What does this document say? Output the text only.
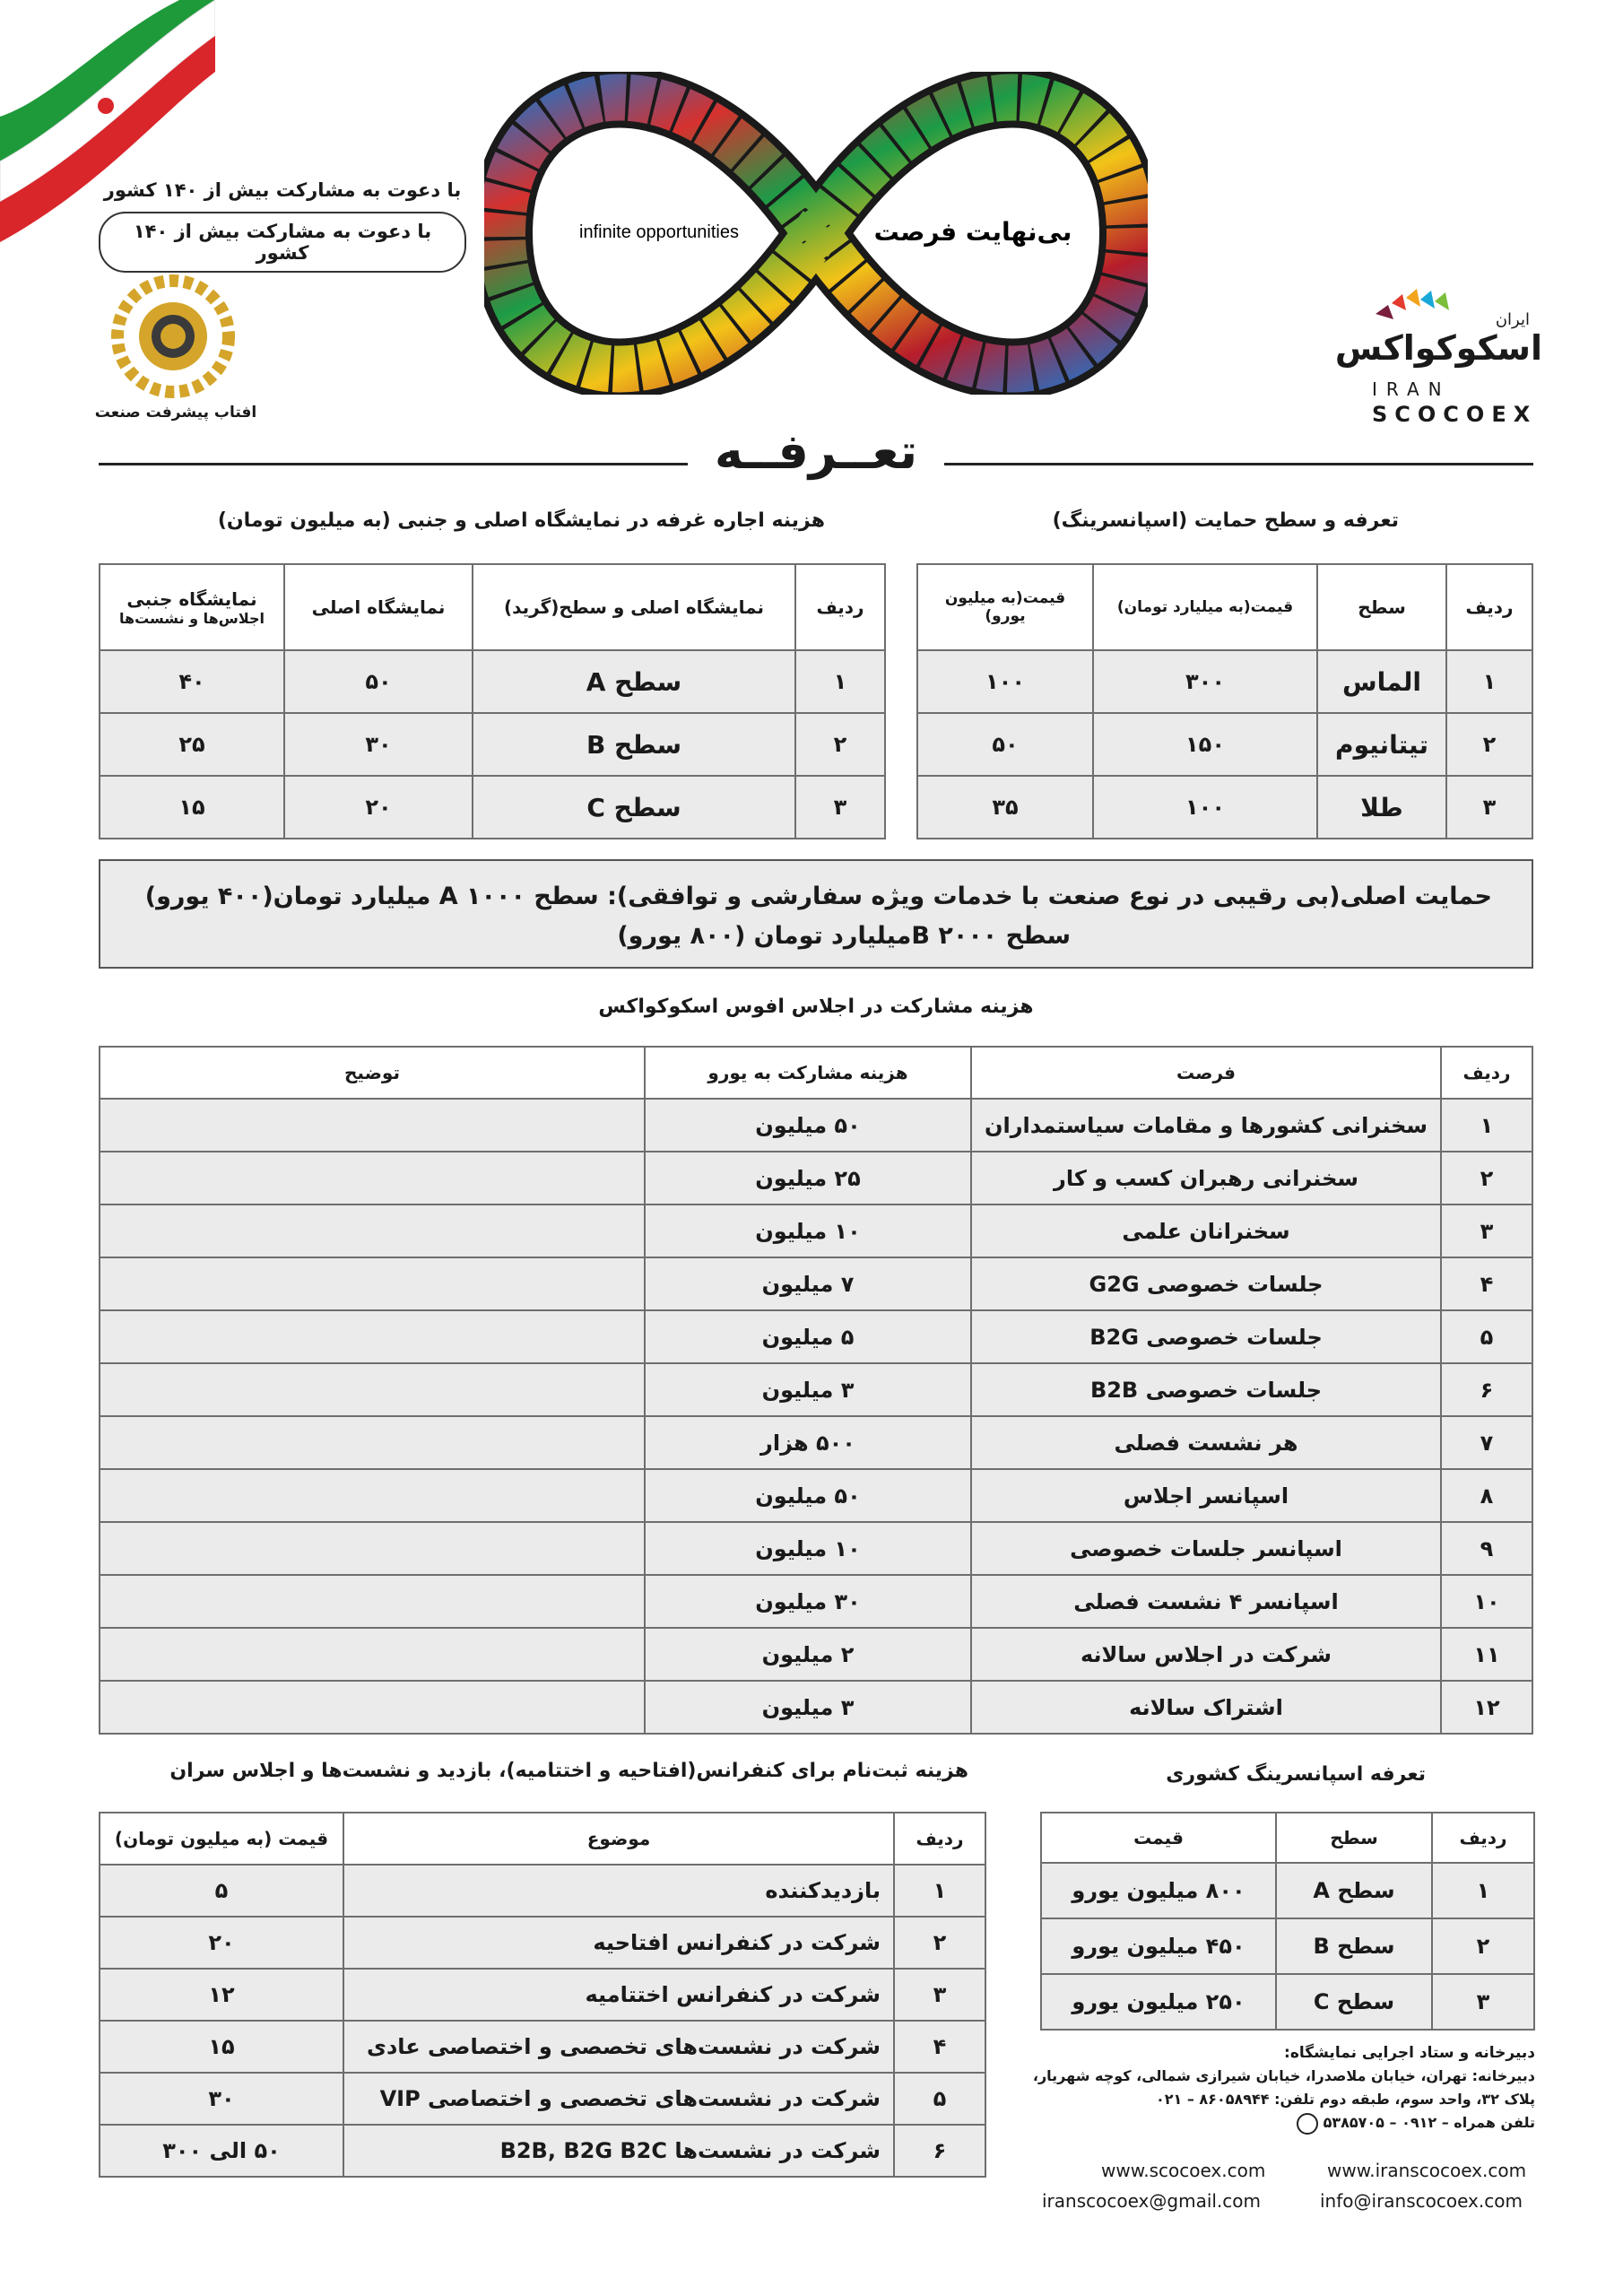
با دعوت به مشارکت بیش از ۱۴۰ کشور
با دعوت به مشارکت بیش از ۱۴۰ کشور
افتاب پیشرفت صنعت
infinite opportunities	بی‌نهایت فرصت
ایران
اسکوکواکس
IRAN
SCOCOEX
تعــرفــه
تعرفه و سطح حمایت (اسپانسرینگ)
ردیف	سطح	قیمت(به میلیارد تومان)	قیمت(به میلیون یورو)
۱	الماس	۳۰۰	۱۰۰
۲	تیتانیوم	۱۵۰	۵۰
۳	طلا	۱۰۰	۳۵
هزینه اجاره غرفه در نمایشگاه اصلی و جنبی (به میلیون تومان)
ردیف	نمایشگاه اصلی و سطح(گرید)	نمایشگاه اصلی	نمایشگاه جنبی
اجلاس‌ها و نشست‌ها

۱	سطح A	۵۰	۴۰
۲	سطح B	۳۰	۲۵
۳	سطح C	۲۰	۱۵
حمایت اصلی(بی رقیبی در نوع صنعت با خدمات ویژه سفارشی و توافقی): سطح A ۱۰۰۰ میلیارد تومان(۴۰۰ یورو)
سطح B ۲۰۰۰میلیارد تومان (۸۰۰ یورو)
هزینه مشارکت در اجلاس افوس اسکوکواکس
ردیف	فرصت	هزینه مشارکت به یورو	توضیح
۱	سخنرانی کشورها و مقامات سیاستمداران	۵۰ میلیون	
۲	سخنرانی رهبران کسب و کار	۲۵ میلیون	
۳	سخنرانان علمی	۱۰ میلیون	
۴	جلسات خصوصی G2G	۷ میلیون	
۵	جلسات خصوصی B2G	۵ میلیون	
۶	جلسات خصوصی B2B	۳ میلیون	
۷	هر نشست فصلی	۵۰۰ هزار	
۸	اسپانسر اجلاس	۵۰ میلیون	
۹	اسپانسر جلسات خصوصی	۱۰ میلیون	
۱۰	اسپانسر ۴ نشست فصلی	۳۰ میلیون	
۱۱	شرکت در اجلاس سالانه	۲ میلیون	
۱۲	اشتراک سالانه	۳ میلیون	
هزینه ثبت‌نام برای کنفرانس(افتاحیه و اختتامیه)، بازدید و نشست‌ها و اجلاس سران
ردیف	موضوع	قیمت (به میلیون تومان)
۱	بازدیدکننده	۵
۲	شرکت در کنفرانس افتاحیه	۲۰
۳	شرکت در کنفرانس اختتامیه	۱۲
۴	شرکت در نشست‌های تخصصی و اختصاصی عادی	۱۵
۵	شرکت در نشست‌های تخصصی و اختصاصی VIP	۳۰
۶	شرکت در نشست‌ها B2B, B2G B2C	۵۰ الی ۳۰۰
تعرفه اسپانسرینگ کشوری
ردیف	سطح	قیمت
۱	سطح A	۸۰۰ میلیون یورو
۲	سطح B	۴۵۰ میلیون یورو
۳	سطح C	۲۵۰ میلیون یورو
دبیرخانه و ستاد اجرایی نمایشگاه:
دبیرخانه: تهران، خیابان ملاصدرا، خیابان شیرازی شمالی، کوچه شهریار،
پلاک ۳۲، واحد سوم، طبقه دوم تلفن: ۸۶۰۵۸۹۴۴ – ۰۲۱
تلفن همراه – ۰۹۱۲ – ۵۳۸۵۷۰۵
www.scocoex.com	www.iranscocoex.com
iranscocoex@gmail.com	info@iranscocoex.com
